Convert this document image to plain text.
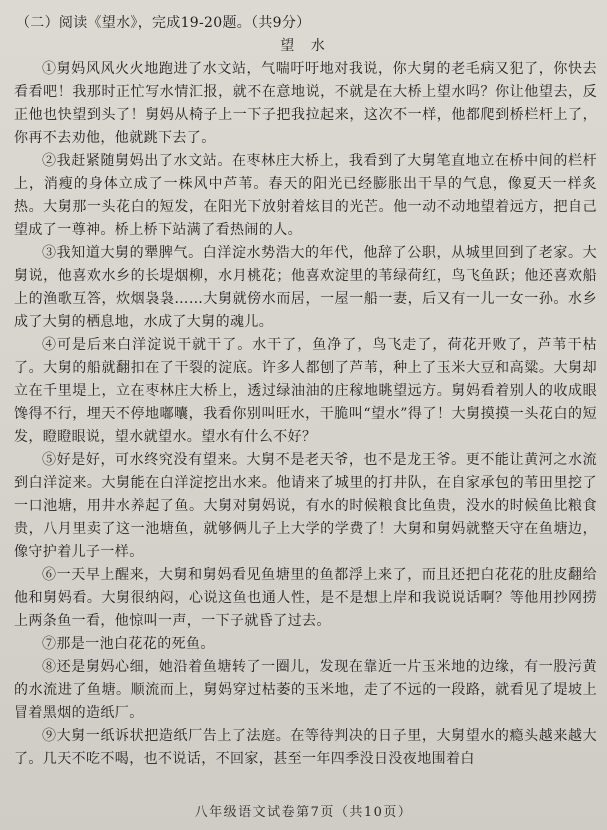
（二）阅读《望水》，完成19-20题。（共9分）
望 水

①舅妈风风火火地跑进了水文站，气喘吁吁地对我说，你大舅的老毛病又犯了，你快去看看吧！我那时正忙写水情汇报，就不在意地说，不就是在大桥上望水吗？你让他望去，反正他也快望到头了！舅妈从椅子上一下子把我拉起来，这次不一样，他都爬到桥栏杆上了，你再不去劝他，他就跳下去了。

②我赶紧随舅妈出了水文站。在枣林庄大桥上，我看到了大舅笔直地立在桥中间的栏杆上，消瘦的身体立成了一株风中芦苇。春天的阳光已经膨胀出干旱的气息，像夏天一样炙热。大舅那一头花白的短发，在阳光下放射着炫目的光芒。他一动不动地望着远方，把自己望成了一尊神。桥上桥下站满了看热闹的人。

③我知道大舅的犟脾气。白洋淀水势浩大的年代，他辞了公职，从城里回到了老家。大舅说，他喜欢水乡的长堤烟柳，水月桃花；他喜欢淀里的苇绿荷红，鸟飞鱼跃；他还喜欢船上的渔歌互答，炊烟袅袅……大舅就傍水而居，一屋一船一妻，后又有一儿一女一孙。水乡成了大舅的栖息地，水成了大舅的魂儿。

④可是后来白洋淀说干就干了。水干了，鱼净了，鸟飞走了，荷花开败了，芦苇干枯了。大舅的船就翻扣在了干裂的淀底。许多人都刨了芦苇，种上了玉米大豆和高粱。大舅却立在千里堤上，立在枣林庄大桥上，透过绿油油的庄稼地眺望远方。舅妈看着别人的收成眼馋得不行，埋天不停地嘟囔，我看你别叫旺水，干脆叫“望水”得了！大舅摸摸一头花白的短发，瞪瞪眼说，望水就望水。望水有什么不好？

⑤好是好，可水终究没有望来。大舅不是老天爷，也不是龙王爷。更不能让黄河之水流到白洋淀来。大舅能在白洋淀挖出水来。他请来了城里的打井队，在自家承包的苇田里挖了一口池塘，用井水养起了鱼。大舅对舅妈说，有水的时候粮食比鱼贵，没水的时候鱼比粮食贵，八月里卖了这一池塘鱼，就够俩儿子上大学的学费了！大舅和舅妈就整天守在鱼塘边，像守护着儿子一样。

⑥一天早上醒来，大舅和舅妈看见鱼塘里的鱼都浮上来了，而且还把白花花的肚皮翻给他和舅妈看。大舅很纳闷，心说这鱼也通人性，是不是想上岸和我说说话啊？等他用抄网捞上两条鱼一看，他惊叫一声，一下子就昏了过去。

⑦那是一池白花花的死鱼。

⑧还是舅妈心细，她沿着鱼塘转了一圈儿，发现在靠近一片玉米地的边缘，有一股污黄的水流进了鱼塘。顺流而上，舅妈穿过枯萎的玉米地，走了不远的一段路，就看见了堤坡上冒着黑烟的造纸厂。

⑨大舅一纸诉状把造纸厂告上了法庭。在等待判决的日子里，大舅望水的瘾头越来越大了。几天不吃不喝，也不说话，不回家，甚至一年四季没日没夜地围着白

八年级语文试卷第7页（共10页）
